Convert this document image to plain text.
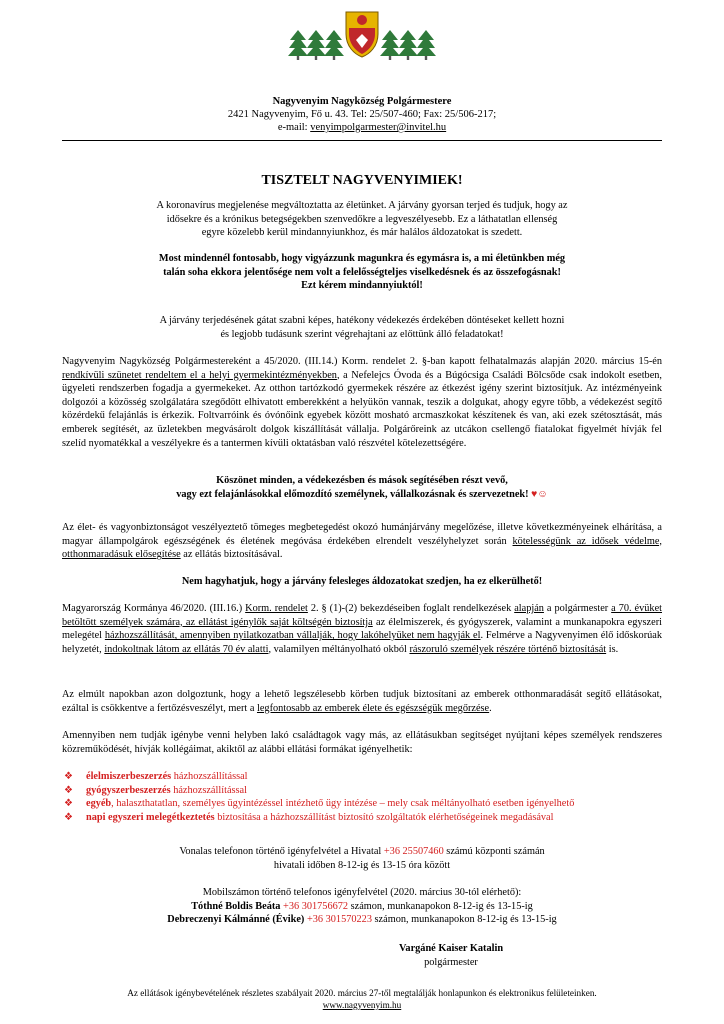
Nagyvenyim Nagyközség Polgármestere
2421 Nagyvenyim, Fő u. 43. Tel: 25/507-460; Fax: 25/506-217;
e-mail: venyimpolgarmester@invitel.hu
TISZTELT NAGYVENYIMIEK!
A koronavírus megjelenése megváltoztatta az életünket. A járvány gyorsan terjed és tudjuk, hogy az
idősekre és a krónikus betegségekben szenvedőkre a legveszélyesebb. Ez a láthatatlan ellenség
egyre közelebb kerül mindannyiunkhoz, és már halálos áldozatokat is szedett.
Most mindennél fontosabb, hogy vigyázzunk magunkra és egymásra is, a mi életünkben még
talán soha ekkora jelentősége nem volt a felelősségteljes viselkedésnek és az összefogásnak!
Ezt kérem mindannyiuktól!
A járvány terjedésének gátat szabni képes, hatékony védekezés érdekében döntéseket kellett hozni
és legjobb tudásunk szerint végrehajtani az előttünk álló feladatokat!
Nagyvenyim Nagyközség Polgármestereként a 45/2020. (III.14.) Korm. rendelet 2. §-ban kapott felhatalmazás alapján 2020. március 15-én rendkívüli szünetet rendeltem el a helyi gyermekintézményekben, a Nefelejcs Óvoda és a Búgócsiga Családi Bölcsőde csak indokolt esetben, ügyeleti rendszerben fogadja a gyermekeket. Az otthon tartózkodó gyermekek részére az étkezést igény szerint biztosítjuk. Az intézményeink dolgozói a közösség szolgálatára szegődött elhivatott emberekként a helyükön vannak, teszik a dolgukat, ahogy egyre több, a védekezést segítő közérdekű felajánlás is érkezik. Foltvarróink és óvónőink egyebek között mosható arcmaszkokat készítenek és van, aki ezek szétosztását, más emberek segítését, az üzletekben megvásárolt dolgok kiszállítását vállalja. Polgárőreink az utcákon csellengő fiatalokat figyelmét hívják fel szelíd nyomatékkal a veszélyekre és a tantermen kívüli oktatásban való részvétel kötelezettségére.
Köszönet minden, a védekezésben és mások segítésében részt vevő,
vagy ezt felajánlásokkal előmozdító személynek, vállalkozásnak és szervezetnek! ♥☺
Az élet- és vagyonbiztonságot veszélyeztető tömeges megbetegedést okozó humánjárvány megelőzése, illetve következményeinek elhárítása, a magyar állampolgárok egészségének és életének megóvása érdekében elrendelt veszélyhelyzet során kötelességünk az idősek védelme, otthonmaradásuk elősegítése az ellátás biztosításával.
Nem hagyhatjuk, hogy a járvány felesleges áldozatokat szedjen, ha ez elkerülhető!
Magyarország Kormánya 46/2020. (III.16.) Korm. rendelet 2. § (1)-(2) bekezdéseiben foglalt rendelkezések alapján a polgármester a 70. évüket betöltött személyek számára, az ellátást igénylők saját költségén biztosítja az élelmiszerek, és gyógyszerek, valamint a munkanapokra egyszeri melegétel házhozszállítását, amennyiben nyilatkozatban vállalják, hogy lakóhelyüket nem hagyják el. Felmérve a Nagyvenyimen élő időskorúak helyzetét, indokoltnak látom az ellátás 70 év alatti, valamilyen méltányolható okból rászoruló személyek részére történő biztosítását is.
Az elmúlt napokban azon dolgoztunk, hogy a lehető legszélesebb körben tudjuk biztosítani az emberek otthonmaradását segítő ellátásokat, ezáltal is csökkentve a fertőzésveszélyt, mert a legfontosabb az emberek élete és egészségük megőrzése.
Amennyiben nem tudják igénybe venni helyben lakó családtagok vagy más, az ellátásukban segítséget nyújtani képes személyek rendszeres közreműködését, hívják kollégáimat, akiktől az alábbi ellátási formákat igényelhetik:
❖ élelmiszerbeszerzés házhozszállítással
❖ gyógyszerbeszerzés házhozszállítással
❖ egyéb, halaszthatatlan, személyes ügyintézéssel intézhető ügy intézése – mely csak méltányolható esetben igényelhető
❖ napi egyszeri melegétkeztetés biztosítása a házhozszállítást biztosító szolgáltatók elérhetőségeinek megadásával
Vonalas telefonon történő igényfelvétel a Hivatal +36 25507460 számú központi számán
hivatali időben 8-12-ig és 13-15 óra között
Mobilszámon történő telefonos igényfelvétel (2020. március 30-tól elérhető):
Tóthné Boldis Beáta +36 301756672 számon, munkanapokon 8-12-ig és 13-15-ig
Debreczenyi Kálmánné (Évike) +36 301570223 számon, munkanapokon 8-12-ig és 13-15-ig
Vargáné Kaiser Katalin
polgármester
Az ellátások igénybevételének részletes szabályait 2020. március 27-től megtalálják honlapunkon és elektronikus felületeinken.
www.nagyvenyim.hu
